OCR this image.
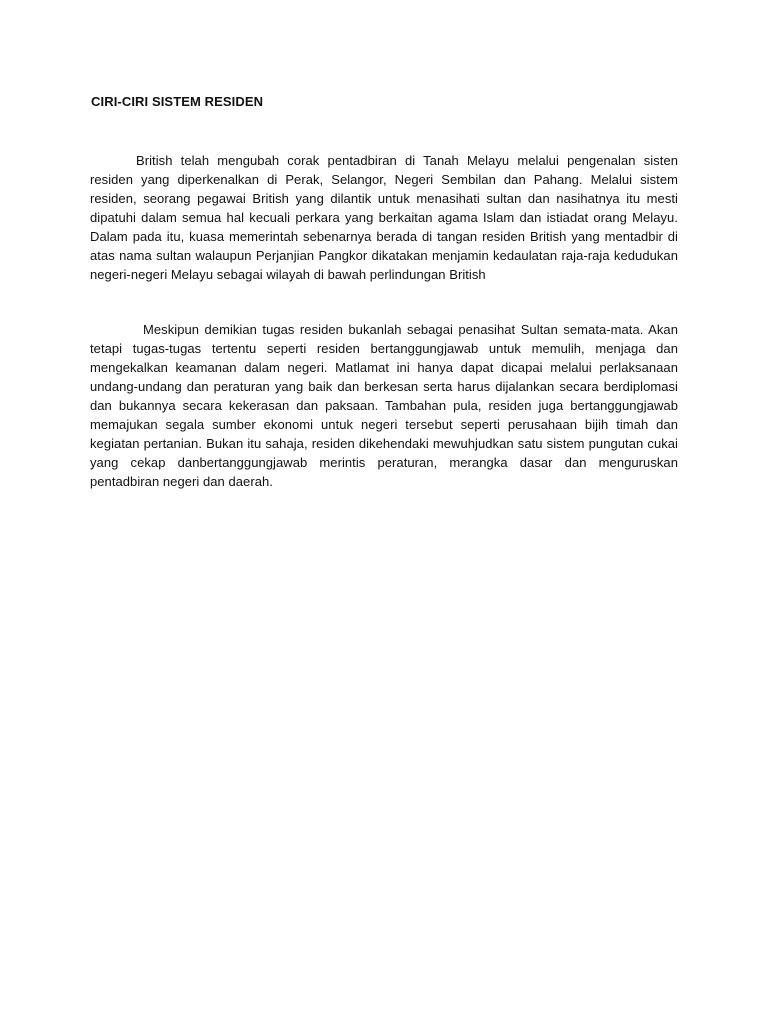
CIRI-CIRI SISTEM RESIDEN

British telah mengubah corak pentadbiran di Tanah Melayu melalui pengenalan sisten residen yang diperkenalkan di Perak, Selangor, Negeri Sembilan dan Pahang. Melalui sistem residen, seorang pegawai British yang dilantik untuk menasihati sultan dan nasihatnya itu mesti dipatuhi dalam semua hal kecuali perkara yang berkaitan agama Islam dan istiadat orang Melayu. Dalam pada itu, kuasa memerintah sebenarnya berada di tangan residen British yang mentadbir di atas nama sultan walaupun Perjanjian Pangkor dikatakan menjamin kedaulatan raja-raja kedudukan negeri-negeri Melayu sebagai wilayah di bawah perlindungan British

Meskipun demikian tugas residen bukanlah sebagai penasihat Sultan semata-mata. Akan tetapi tugas-tugas tertentu seperti residen bertanggungjawab untuk memulih, menjaga dan mengekalkan keamanan dalam negeri. Matlamat ini hanya dapat dicapai melalui perlaksanaan undang-undang dan peraturan yang baik dan berkesan serta harus dijalankan secara berdiplomasi dan bukannya secara kekerasan dan paksaan. Tambahan pula, residen juga bertanggungjawab memajukan segala sumber ekonomi untuk negeri tersebut seperti perusahaan bijih timah dan kegiatan pertanian. Bukan itu sahaja, residen dikehendaki mewuhjudkan satu sistem pungutan cukai yang cekap danbertanggungjawab merintis peraturan, merangka dasar dan menguruskan pentadbiran negeri dan daerah.
